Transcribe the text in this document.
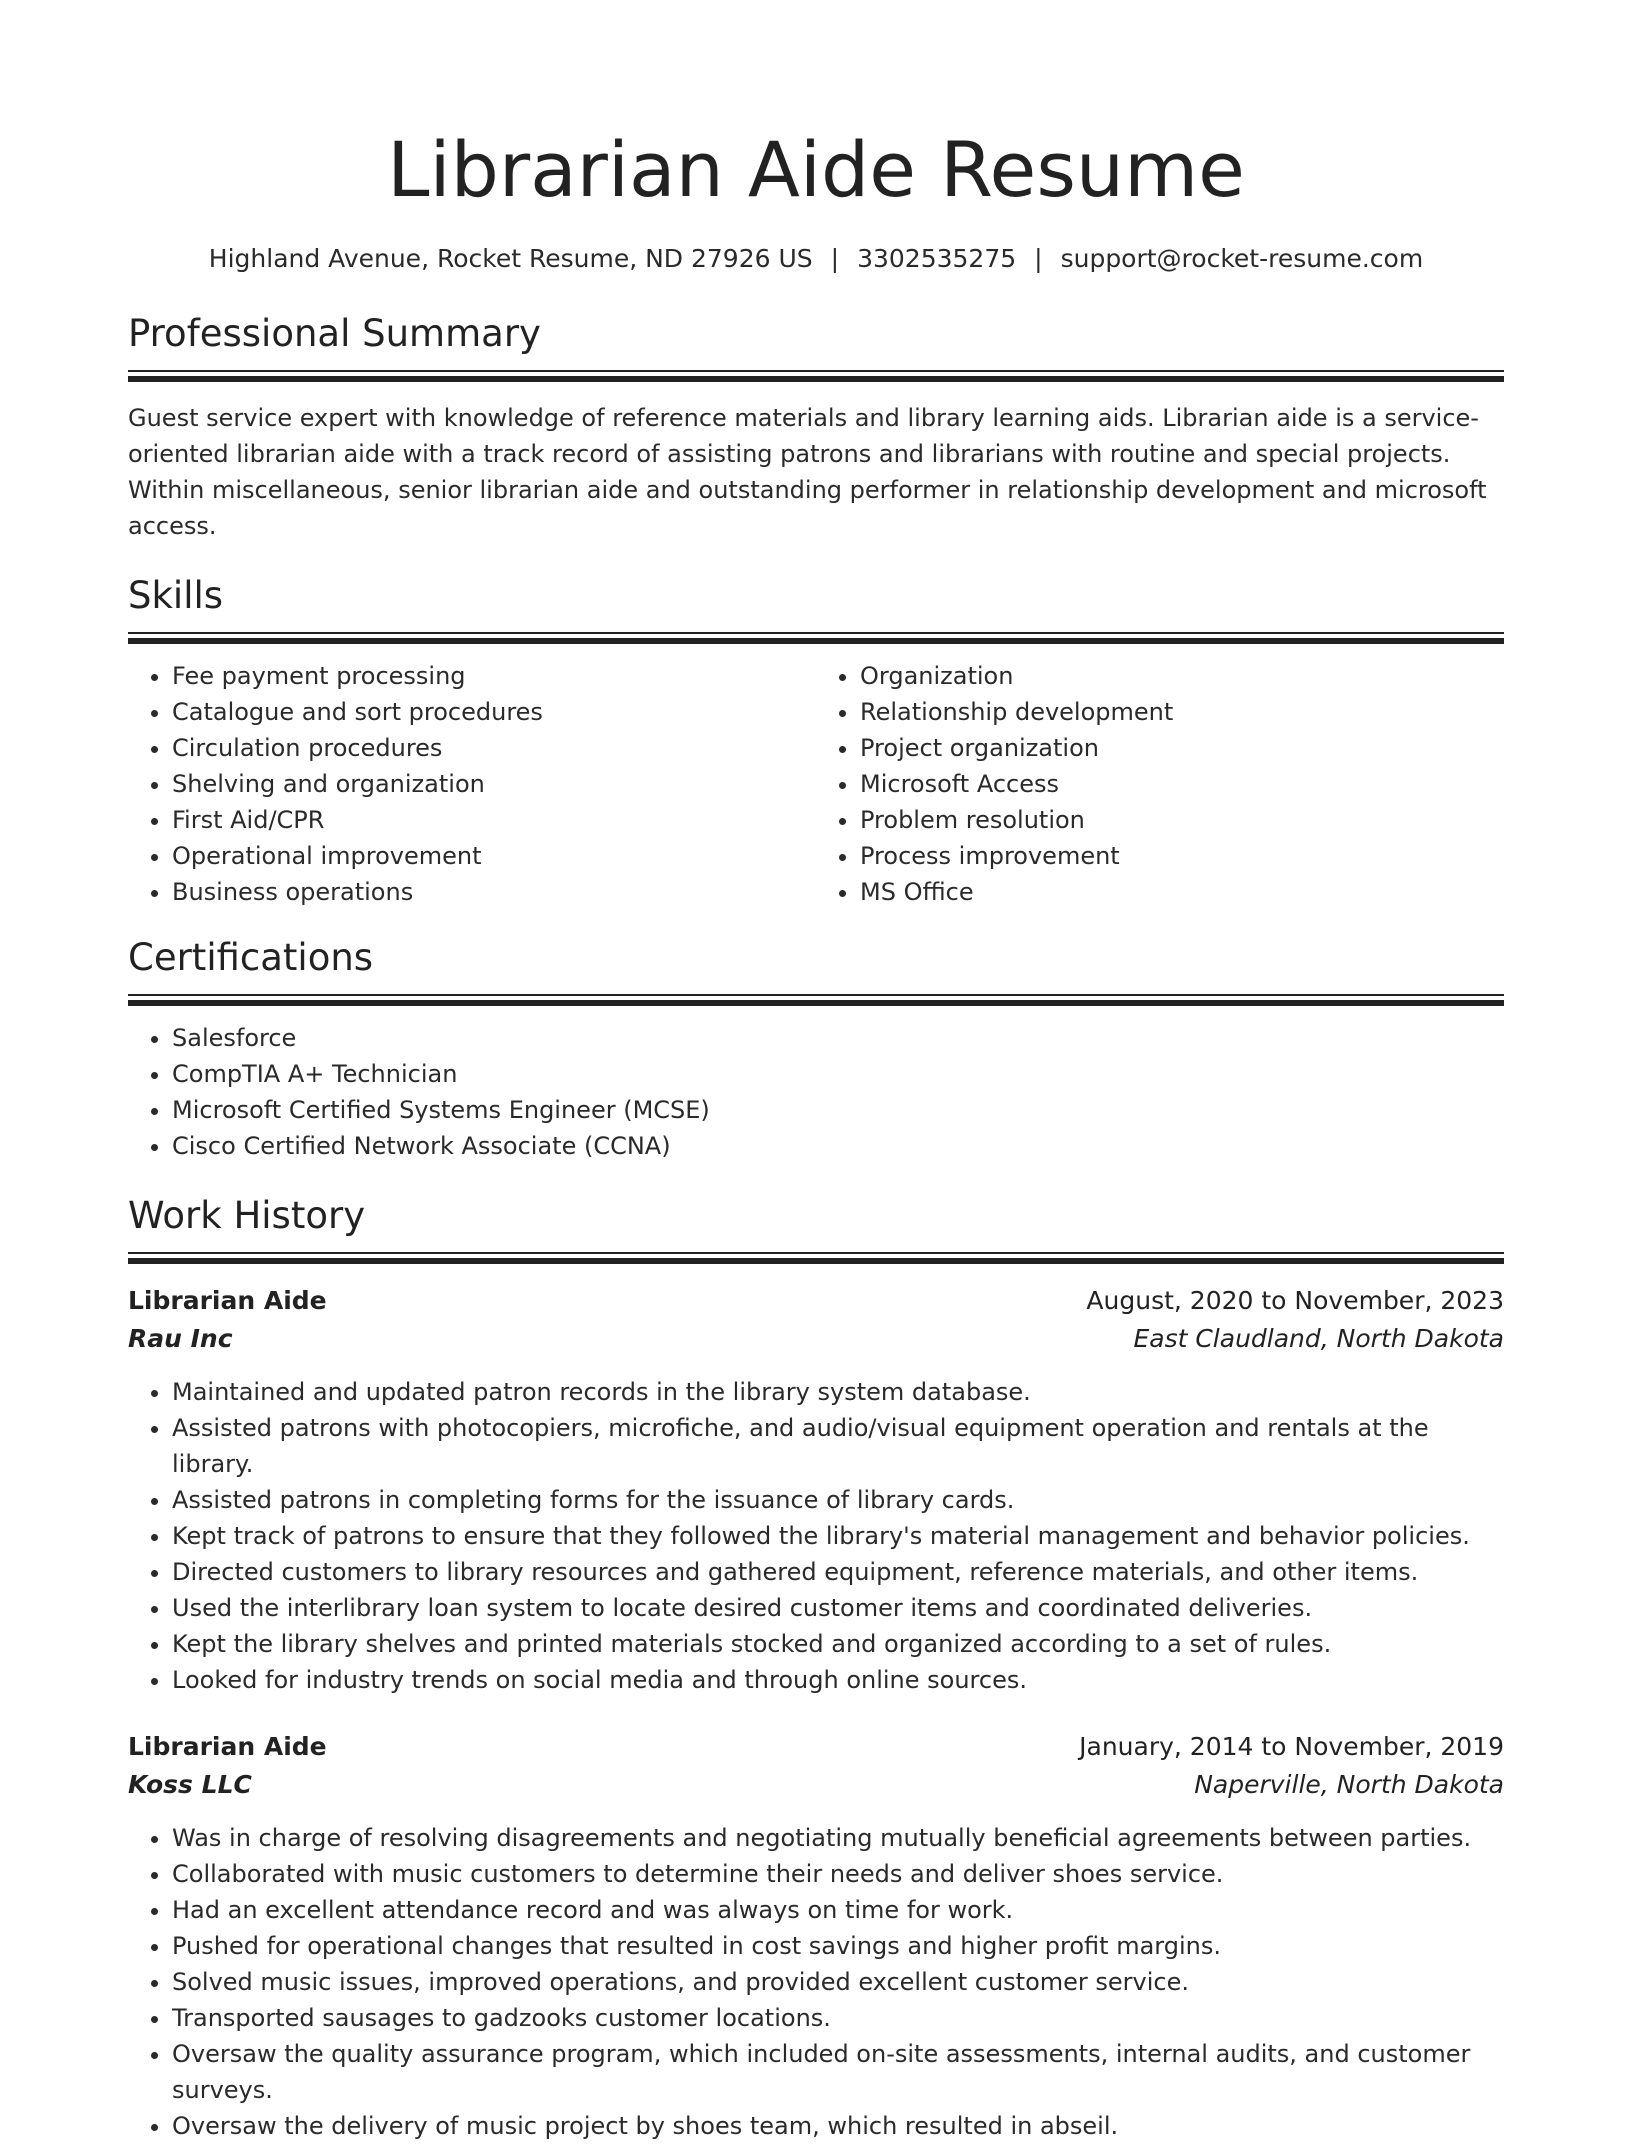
Librarian Aide Resume
Highland Avenue, Rocket Resume, ND 27926 US | 3302535275 | support@rocket-resume.com
Professional Summary

Guest service expert with knowledge of reference materials and library learning aids. Librarian aide is a service-oriented librarian aide with a track record of assisting patrons and librarians with routine and special projects. Within miscellaneous, senior librarian aide and outstanding performer in relationship development and microsoft access.

Skills
• Fee payment processing
• Catalogue and sort procedures
• Circulation procedures
• Shelving and organization
• First Aid/CPR
• Operational improvement
• Business operations
• Organization
• Relationship development
• Project organization
• Microsoft Access
• Problem resolution
• Process improvement
• MS Office
Certifications
• Salesforce
• CompTIA A+ Technician
• Microsoft Certified Systems Engineer (MCSE)
• Cisco Certified Network Associate (CCNA)
Work History
Librarian Aide	August, 2020 to November, 2023
Rau Inc	East Claudland, North Dakota
• Maintained and updated patron records in the library system database.
• Assisted patrons with photocopiers, microfiche, and audio/visual equipment operation and rentals at the library.
• Assisted patrons in completing forms for the issuance of library cards.
• Kept track of patrons to ensure that they followed the library's material management and behavior policies.
• Directed customers to library resources and gathered equipment, reference materials, and other items.
• Used the interlibrary loan system to locate desired customer items and coordinated deliveries.
• Kept the library shelves and printed materials stocked and organized according to a set of rules.
• Looked for industry trends on social media and through online sources.
Librarian Aide	January, 2014 to November, 2019
Koss LLC	Naperville, North Dakota
• Was in charge of resolving disagreements and negotiating mutually beneficial agreements between parties.
• Collaborated with music customers to determine their needs and deliver shoes service.
• Had an excellent attendance record and was always on time for work.
• Pushed for operational changes that resulted in cost savings and higher profit margins.
• Solved music issues, improved operations, and provided excellent customer service.
• Transported sausages to gadzooks customer locations.
• Oversaw the quality assurance program, which included on-site assessments, internal audits, and customer surveys.
• Oversaw the delivery of music project by shoes team, which resulted in abseil.
